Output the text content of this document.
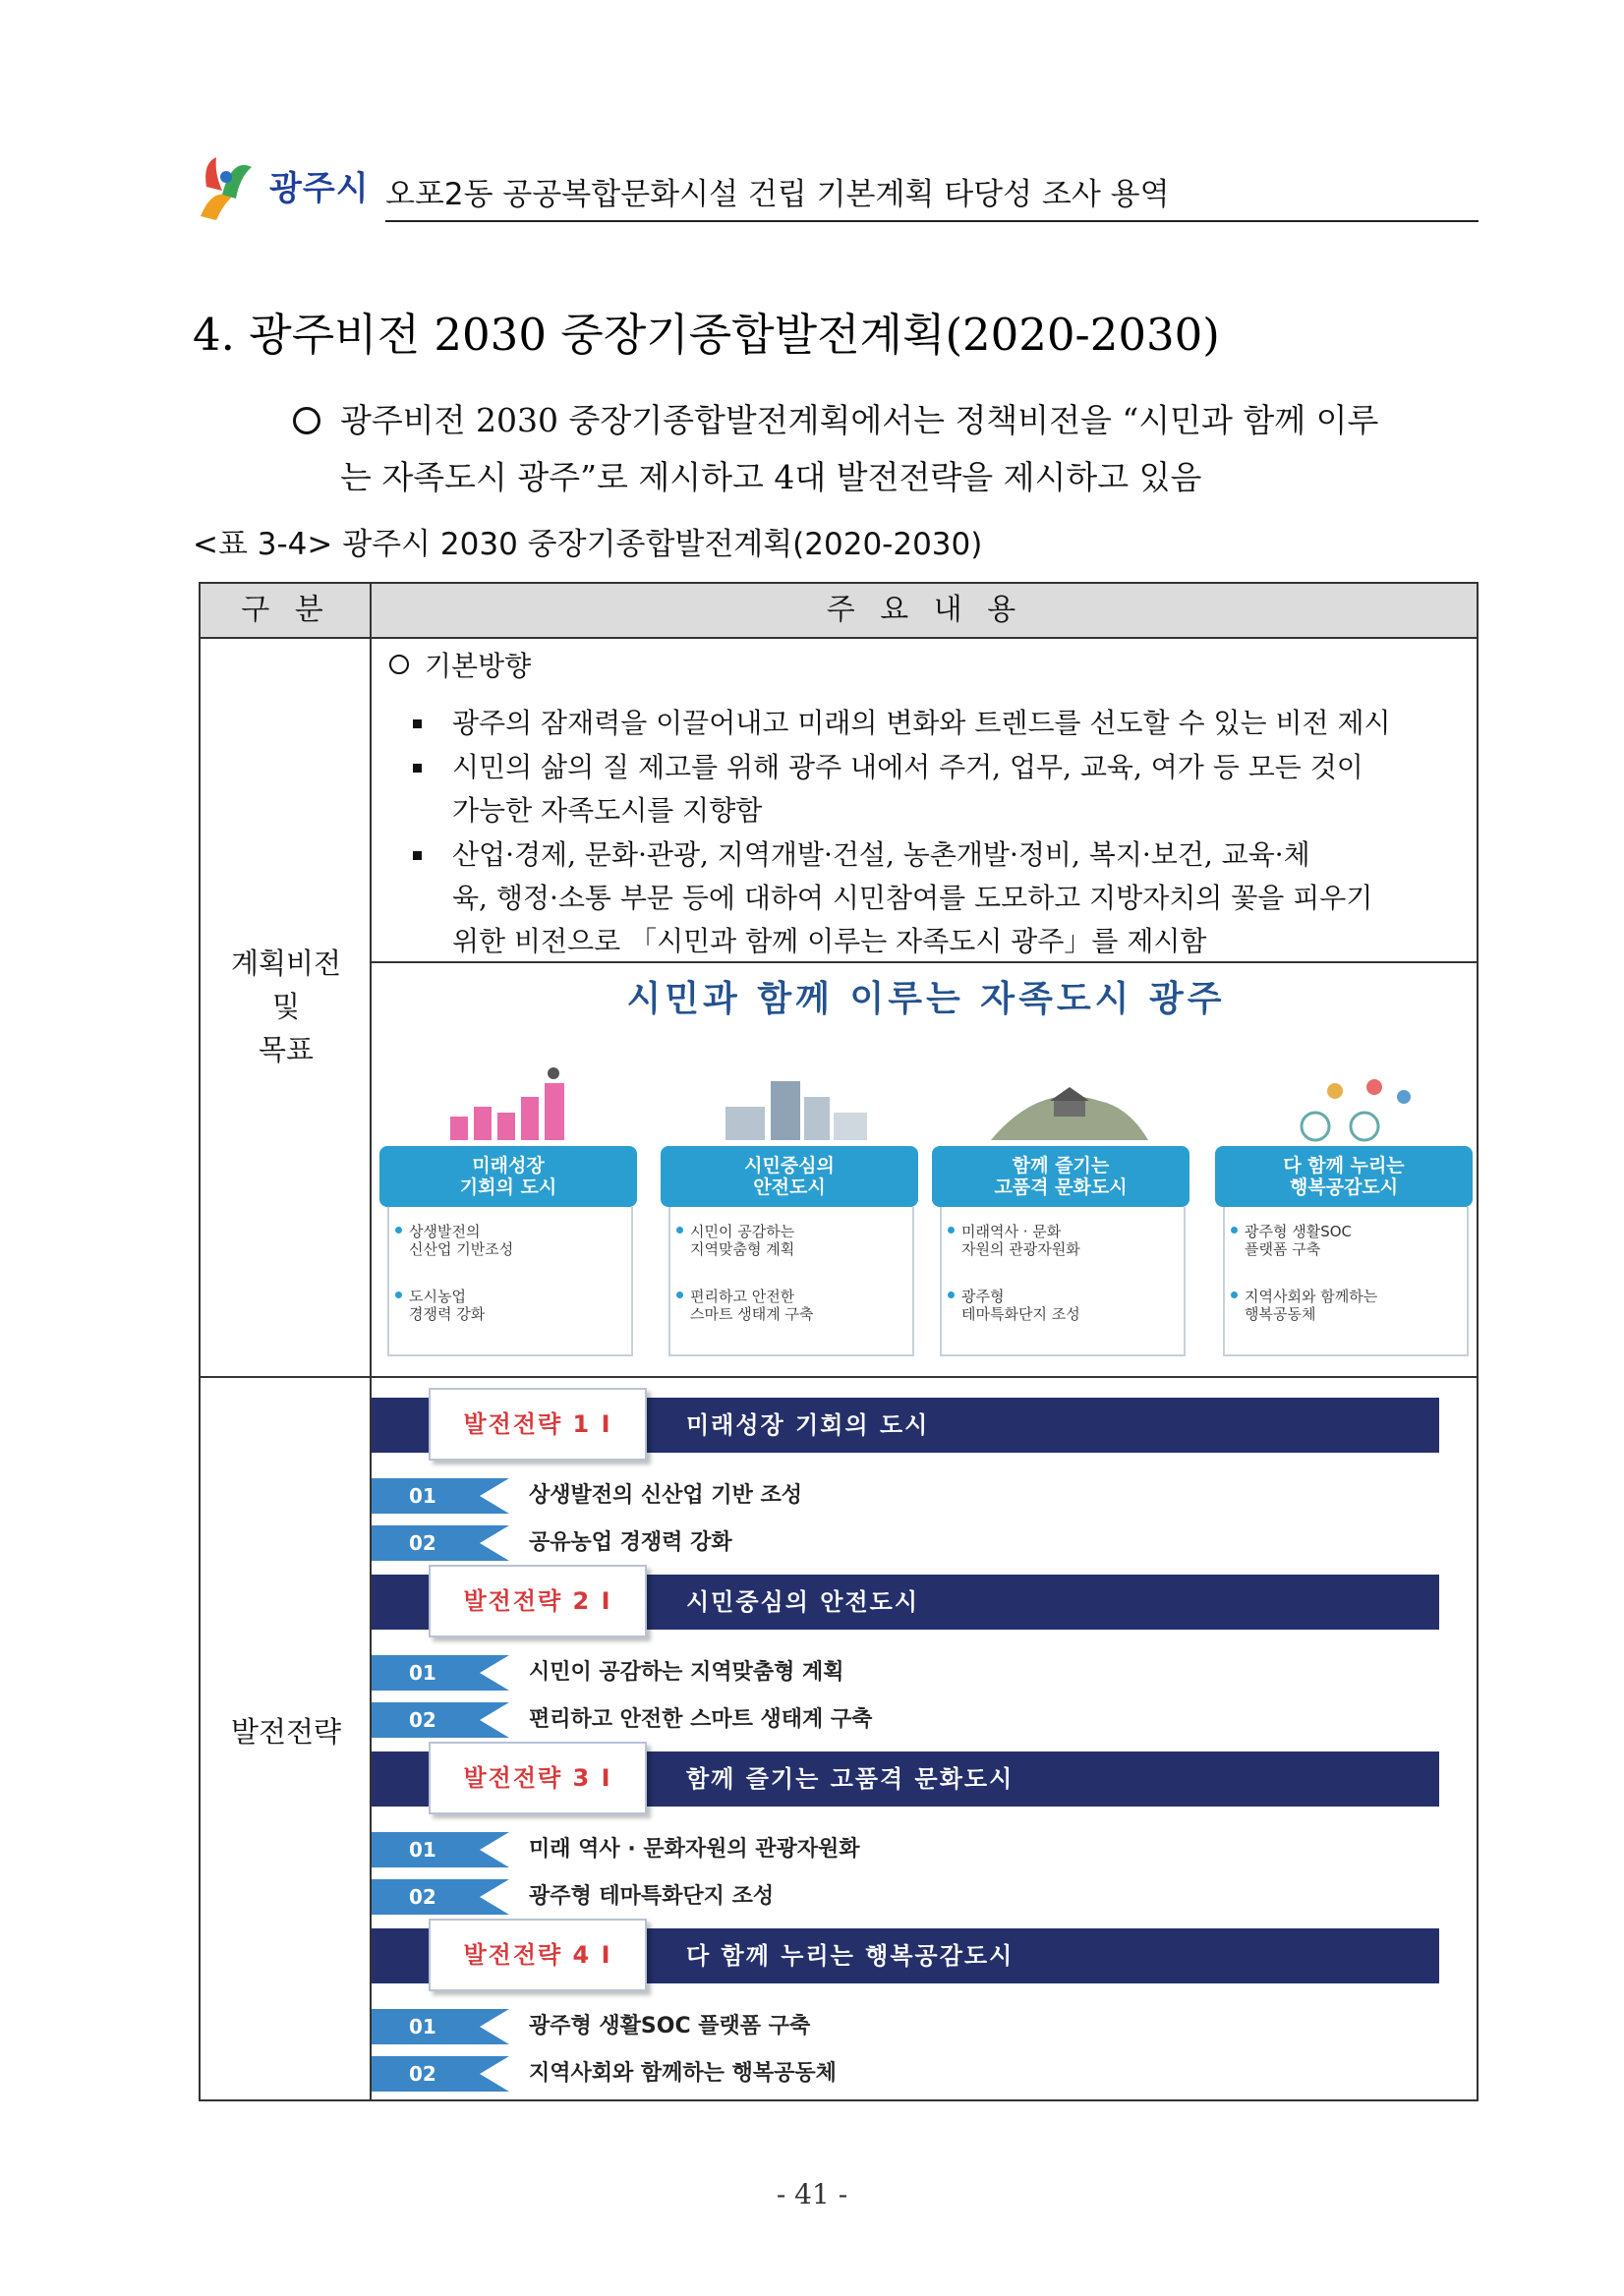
광주시 오포2동 공공복합문화시설 건립 기본계획 타당성 조사 용역
4. 광주비전 2030 중장기종합발전계획(2020-2030)
광주비전 2030 중장기종합발전계획에서는 정책비전을 “시민과 함께 이루
는 자족도시 광주”로 제시하고 4대 발전전략을 제시하고 있음
<표 3-4> 광주시 2030 중장기종합발전계획(2020-2030)
구 분	주 요 내 용
계획비전
및
목표
기본방향
광주의 잠재력을 이끌어내고 미래의 변화와 트렌드를 선도할 수 있는 비전 제시
시민의 삶의 질 제고를 위해 광주 내에서 주거, 업무, 교육, 여가 등 모든 것이
가능한 자족도시를 지향함
산업·경제, 문화·관광, 지역개발·건설, 농촌개발·정비, 복지·보건, 교육·체
육, 행정·소통 부문 등에 대하여 시민참여를 도모하고 지방자치의 꽃을 피우기
위한 비전으로 「시민과 함께 이루는 자족도시 광주」를 제시함
시민과 함께 이루는 자족도시 광주
미래성장
기회의 도시
상생발전의
신산업 기반조성
도시농업
경쟁력 강화
시민중심의
안전도시
시민이 공감하는
지역맞춤형 계획
편리하고 안전한
스마트 생태계 구축
함께 즐기는
고품격 문화도시
미래역사 · 문화
자원의 관광자원화
광주형
테마특화단지 조성
다 함께 누리는
행복공감도시
광주형 생활SOC
플랫폼 구축
지역사회와 함께하는
행복공동체
발전전략
발전전략 1 I	미래성장 기회의 도시
01	상생발전의 신산업 기반 조성
02	공유농업 경쟁력 강화
발전전략 2 I	시민중심의 안전도시
01	시민이 공감하는 지역맞춤형 계획
02	편리하고 안전한 스마트 생태계 구축
발전전략 3 I	함께 즐기는 고품격 문화도시
01	미래 역사 · 문화자원의 관광자원화
02	광주형 테마특화단지 조성
발전전략 4 I	다 함께 누리는 행복공감도시
01	광주형 생활SOC 플랫폼 구축
02	지역사회와 함께하는 행복공동체
- 41 -
